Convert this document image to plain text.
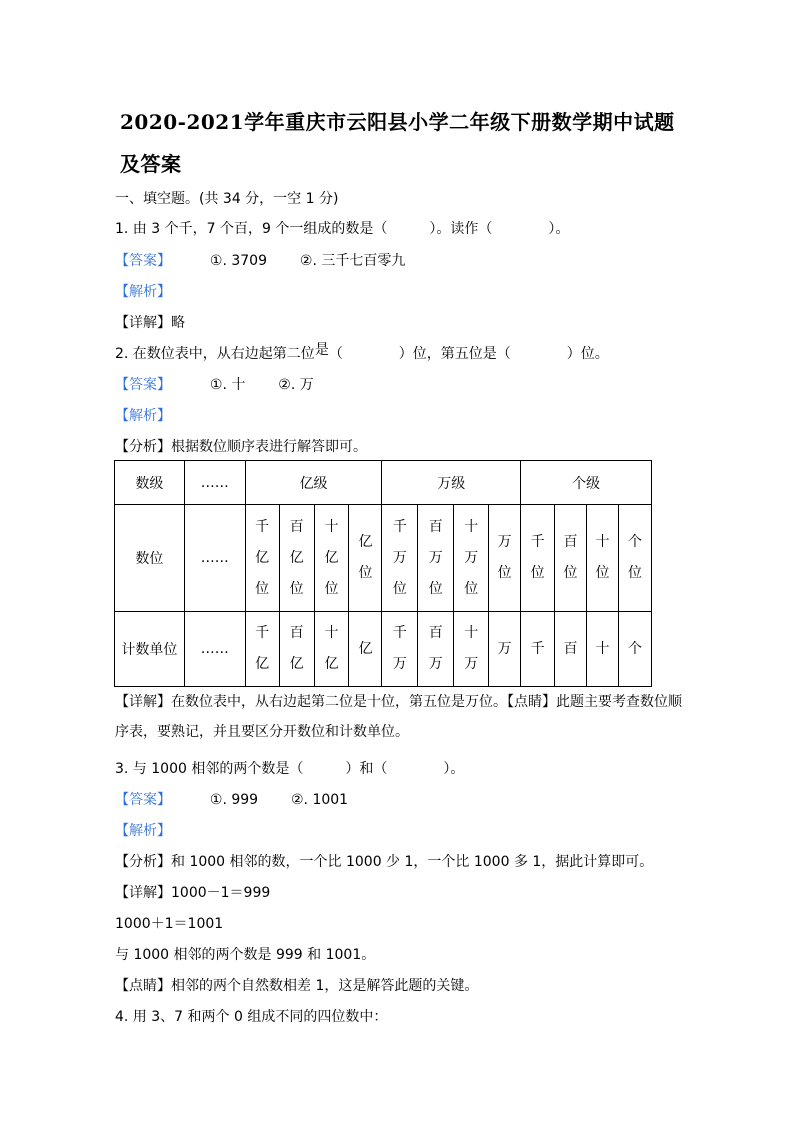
2020-2021学年重庆市云阳县小学二年级下册数学期中试题
及答案
一、填空题。(共 34 分，一空 1 分)
1. 由 3 个千，7 个百，9 个一组成的数是（　　　）。读作（　　　　）。
【答案】	①. 3709 ②. 三千七百零九
【解析】
【详解】略
2. 在数位表中，从右边起第二位是（　　　　）位，第五位是（　　　　）位。
【答案】	①. 十 ②. 万
【解析】
【分析】根据数位顺序表进行解答即可。
数级	……	亿级				万级				个级			
数位	……	千
亿
位	百
亿
位	十
亿
位	亿
位	千
万
位	百
万
位	十
万
位	万
位	千
位	百
位	十
位	个
位

计数单位	……	千
亿	百
亿	十
亿	亿	千
万	百
万	十
万	万	千	百	十	个
【详解】在数位表中，从右边起第二位是十位，第五位是万位。【点睛】此题主要考查数位顺序表，要熟记，并且要区分开数位和计数单位。
3. 与 1000 相邻的两个数是（　　　）和（　　　　）。
【答案】	①. 999 ②. 1001
【解析】
【分析】和 1000 相邻的数，一个比 1000 少 1，一个比 1000 多 1，据此计算即可。
【详解】1000－1＝999
1000＋1＝1001
与 1000 相邻的两个数是 999 和 1001。
【点睛】相邻的两个自然数相差 1，这是解答此题的关键。
4. 用 3、7 和两个 0 组成不同的四位数中：
